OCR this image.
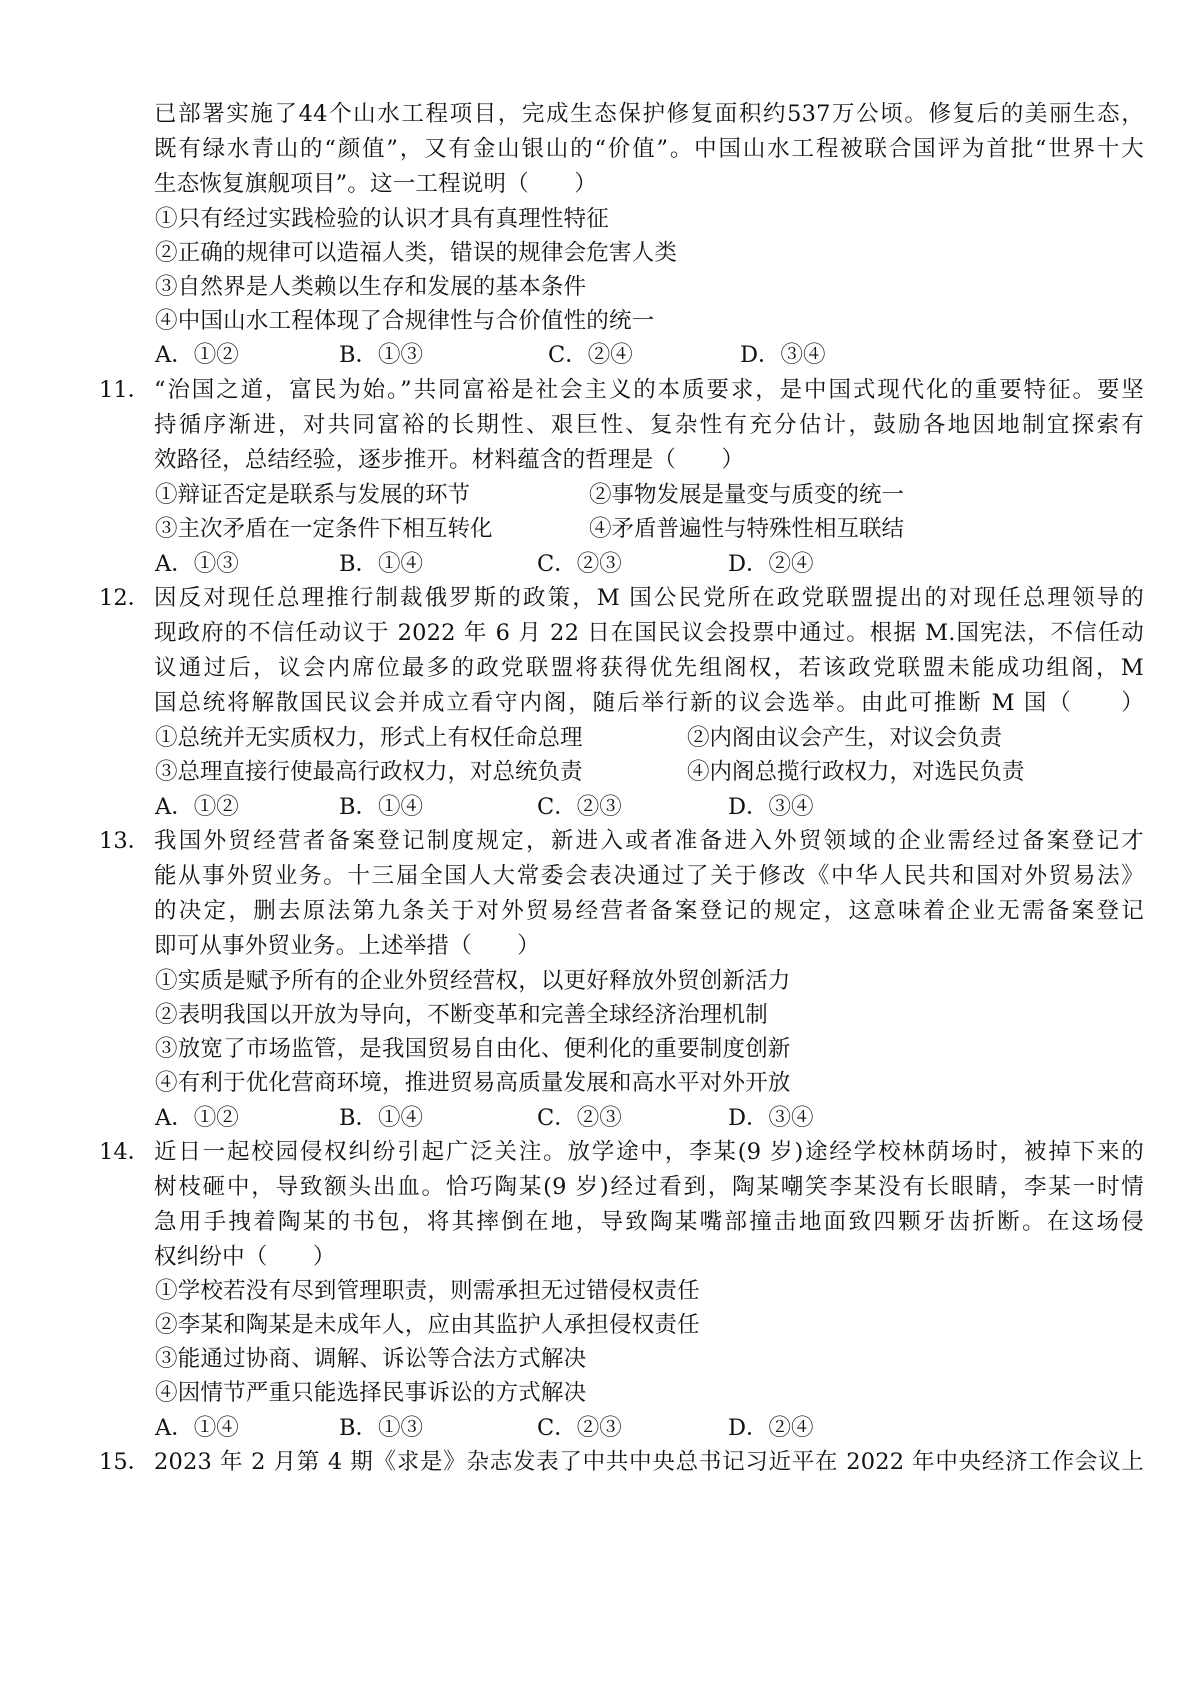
已部署实施了44个山水工程项目，完成生态保护修复面积约537万公顷。修复后的美丽生态，
既有绿水青山的“颜值”，又有金山银山的“价值”。中国山水工程被联合国评为首批“世界十大
生态恢复旗舰项目”。这一工程说明（　　）
①只有经过实践检验的认识才具有真理性特征
②正确的规律可以造福人类，错误的规律会危害人类
③自然界是人类赖以生存和发展的基本条件
④中国山水工程体现了合规律性与合价值性的统一
A．①②	B．①③	C．②④	D．③④
11． “治国之道，富民为始。”共同富裕是社会主义的本质要求，是中国式现代化的重要特征。要坚
持循序渐进，对共同富裕的长期性、艰巨性、复杂性有充分估计，鼓励各地因地制宜探索有
效路径，总结经验，逐步推开。材料蕴含的哲理是（　　）
①辩证否定是联系与发展的环节	②事物发展是量变与质变的统一
③主次矛盾在一定条件下相互转化	④矛盾普遍性与特殊性相互联结
A．①③	B．①④	C．②③	D．②④
12． 因反对现任总理推行制裁俄罗斯的政策，M 国公民党所在政党联盟提出的对现任总理领导的
现政府的不信任动议于 2022 年 6 月 22 日在国民议会投票中通过。根据 M.国宪法，不信任动
议通过后，议会内席位最多的政党联盟将获得优先组阁权，若该政党联盟未能成功组阁，M
国总统将解散国民议会并成立看守内阁，随后举行新的议会选举。由此可推断 M 国（　　）
①总统并无实质权力，形式上有权任命总理	②内阁由议会产生，对议会负责
③总理直接行使最高行政权力，对总统负责	④内阁总揽行政权力，对选民负责
A．①②	B．①④	C．②③	D．③④
13． 我国外贸经营者备案登记制度规定，新进入或者准备进入外贸领域的企业需经过备案登记才
能从事外贸业务。十三届全国人大常委会表决通过了关于修改《中华人民共和国对外贸易法》
的决定，删去原法第九条关于对外贸易经营者备案登记的规定，这意味着企业无需备案登记
即可从事外贸业务。上述举措（　　）
①实质是赋予所有的企业外贸经营权，以更好释放外贸创新活力
②表明我国以开放为导向，不断变革和完善全球经济治理机制
③放宽了市场监管，是我国贸易自由化、便利化的重要制度创新
④有利于优化营商环境，推进贸易高质量发展和高水平对外开放
A．①②	B．①④	C．②③	D．③④
14． 近日一起校园侵权纠纷引起广泛关注。放学途中，李某(9 岁)途经学校林荫场时，被掉下来的
树枝砸中，导致额头出血。恰巧陶某(9 岁)经过看到，陶某嘲笑李某没有长眼睛，李某一时情
急用手拽着陶某的书包，将其摔倒在地，导致陶某嘴部撞击地面致四颗牙齿折断。在这场侵
权纠纷中（　　）
①学校若没有尽到管理职责，则需承担无过错侵权责任
②李某和陶某是未成年人，应由其监护人承担侵权责任
③能通过协商、调解、诉讼等合法方式解决
④因情节严重只能选择民事诉讼的方式解决
A．①④	B．①③	C．②③	D．②④
15． 2023 年 2 月第 4 期《求是》杂志发表了中共中央总书记习近平在 2022 年中央经济工作会议上
